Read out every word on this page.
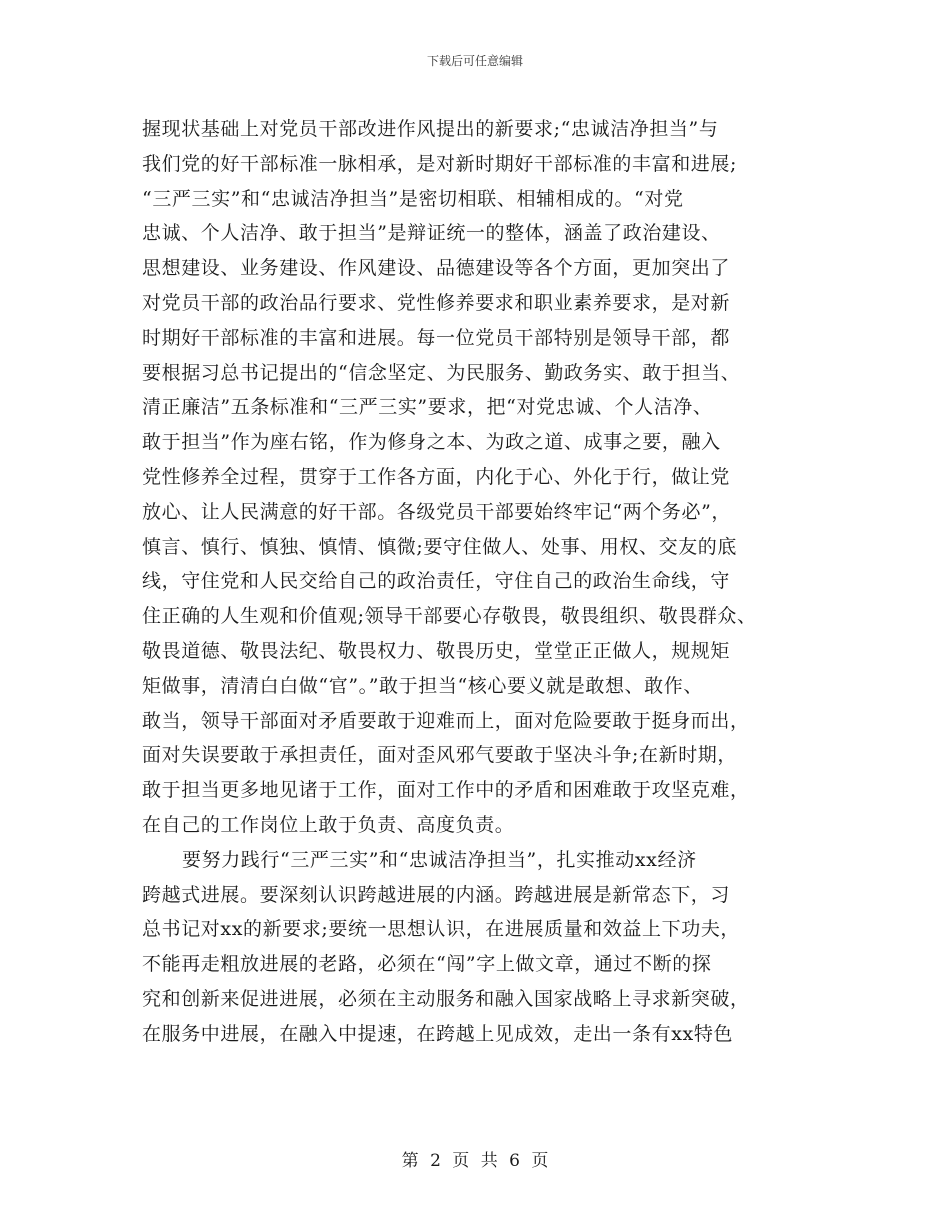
下载后可任意编辑
握现状基础上对党员干部改进作风提出的新要求;“忠诚洁净担当”与
我们党的好干部标准一脉相承，是对新时期好干部标准的丰富和进展;
“三严三实”和“忠诚洁净担当”是密切相联、相辅相成的。“对党
忠诚、个人洁净、敢于担当”是辩证统一的整体，涵盖了政治建设、
思想建设、业务建设、作风建设、品德建设等各个方面，更加突出了
对党员干部的政治品行要求、党性修养要求和职业素养要求，是对新
时期好干部标准的丰富和进展。每一位党员干部特别是领导干部，都
要根据习总书记提出的“信念坚定、为民服务、勤政务实、敢于担当、
清正廉洁”五条标准和“三严三实”要求，把“对党忠诚、个人洁净、
敢于担当”作为座右铭，作为修身之本、为政之道、成事之要，融入
党性修养全过程，贯穿于工作各方面，内化于心、外化于行，做让党
放心、让人民满意的好干部。各级党员干部要始终牢记“两个务必”，
慎言、慎行、慎独、慎情、慎微;要守住做人、处事、用权、交友的底
线，守住党和人民交给自己的政治责任，守住自己的政治生命线，守
住正确的人生观和价值观;领导干部要心存敬畏，敬畏组织、敬畏群众、
敬畏道德、敬畏法纪、敬畏权力、敬畏历史，堂堂正正做人，规规矩
矩做事，清清白白做“官”。”敢于担当“核心要义就是敢想、敢作、
敢当，领导干部面对矛盾要敢于迎难而上，面对危险要敢于挺身而出，
面对失误要敢于承担责任，面对歪风邪气要敢于坚决斗争;在新时期，
敢于担当更多地见诸于工作，面对工作中的矛盾和困难敢于攻坚克难，
在自己的工作岗位上敢于负责、高度负责。
要努力践行“三严三实”和“忠诚洁净担当”，扎实推动xx经济
跨越式进展。要深刻认识跨越进展的内涵。跨越进展是新常态下，习
总书记对xx的新要求;要统一思想认识，在进展质量和效益上下功夫，
不能再走粗放进展的老路，必须在“闯”字上做文章，通过不断的探
究和创新来促进进展，必须在主动服务和融入国家战略上寻求新突破，
在服务中进展，在融入中提速，在跨越上见成效，走出一条有xx特色
第 2 页 共 6 页
